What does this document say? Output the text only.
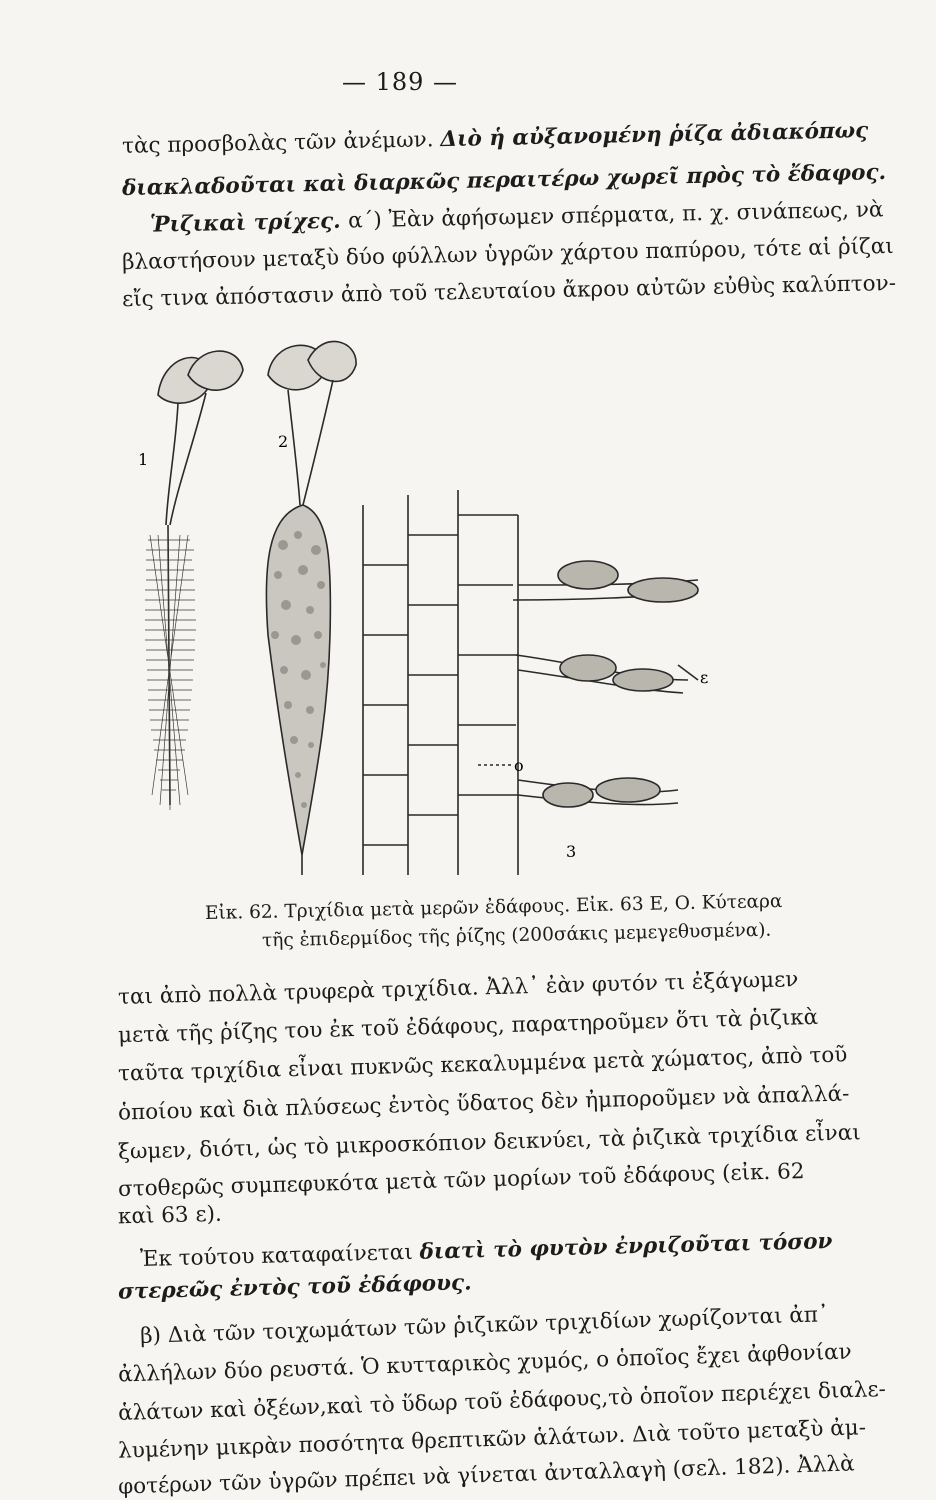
— 189 —
τὰς προσβολὰς τῶν ἀνέμων. Διὸ ἡ αὐξανομένη ῥίζα ἀδιακόπως
διακλαδοῦται καὶ διαρκῶς περαιτέρω χωρεῖ πρὸς τὸ ἔδαφος.
Ῥιζικαὶ τρίχες. α΄) Ἐὰν ἀφήσωμεν σπέρματα, π. χ. σινάπεως, νὰ
βλαστήσουν μεταξὺ δύο φύλλων ὑγρῶν χάρτου παπύρου, τότε αἱ ῥίζαι
εἴς τινα ἀπόστασιν ἀπὸ τοῦ τελευταίου ἄκρου αὐτῶν εὐθὺς καλύπτον-
1
2
3
ε
ο
Εἰκ. 62. Τριχίδια μετὰ μερῶν ἐδάφους. Εἰκ. 63 Ε, Ο. Κύτεαρα
τῆς ἐπιδερμίδος τῆς ῥίζης (200σάκις μεμεγεθυσμένα).
ται ἀπὸ πολλὰ τρυφερὰ τριχίδια. Ἀλλ᾽ ἐὰν φυτόν τι ἐξάγωμεν
μετὰ τῆς ῥίζης του ἐκ τοῦ ἐδάφους, παρατηροῦμεν ὅτι τὰ ῥιζικὰ
ταῦτα τριχίδια εἶναι πυκνῶς κεκαλυμμένα μετὰ χώματος, ἀπὸ τοῦ
ὁποίου καὶ διὰ πλύσεως ἐντὸς ὕδατος δὲν ἠμποροῦμεν νὰ ἀπαλλά-
ξωμεν, διότι, ὡς τὸ μικροσκόπιον δεικνύει, τὰ ῥιζικὰ τριχίδια εἶναι
στοθερῶς συμπεφυκότα μετὰ τῶν μορίων τοῦ ἐδάφους (εἰκ. 62
καὶ 63 ε).
Ἐκ τούτου καταφαίνεται διατὶ τὸ φυτὸν ἐνριζοῦται τόσον
στερεῶς ἐντὸς τοῦ ἐδάφους.
β) Διὰ τῶν τοιχωμάτων τῶν ῥιζικῶν τριχιδίων χωρίζονται ἀπ᾽
ἀλλήλων δύο ρευστά. Ὁ κυτταρικὸς χυμός, ο ὁποῖος ἔχει ἀφθονίαν
ἁλάτων καὶ ὀξέων,καὶ τὸ ὕδωρ τοῦ ἐδάφους,τὸ ὁποῖον περιέχει διαλε-
λυμένην μικρὰν ποσότητα θρεπτικῶν ἁλάτων. Διὰ τοῦτο μεταξὺ ἀμ-
φοτέρων τῶν ὑγρῶν πρέπει νὰ γίνεται ἀνταλλαγὴ (σελ. 182). Ἀλλὰ
